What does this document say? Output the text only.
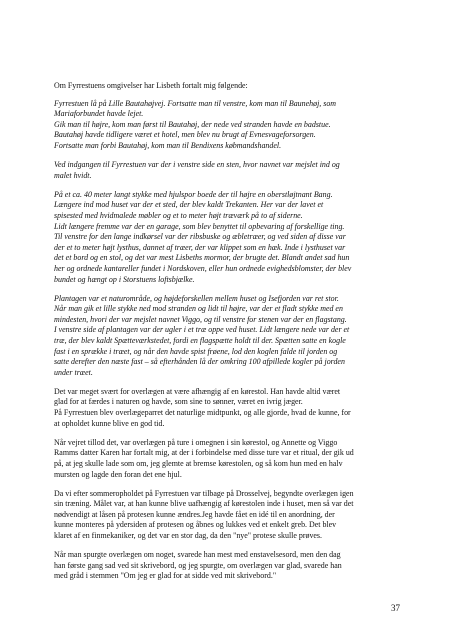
Om Fyrrestuens omgivelser har Lisbeth fortalt mig følgende:

Fyrrestuen lå på Lille Bautahøjvej. Fortsatte man til venstre, kom man til Baunehøj, som
Mariaforbundet havde lejet.
Gik man til højre, kom man først til Bautahøj, der nede ved stranden havde en badstue.
Bautahøj havde tidligere været et hotel, men blev nu brugt af Evnesvageforsorgen.
Fortsatte man forbi Bautahøj, kom man til Bendixens købmandshandel.

Ved indgangen til Fyrrestuen var der i venstre side en sten, hvor navnet var mejslet ind og
malet hvidt.

På et ca. 40 meter langt stykke med hjulspor boede der til højre en oberstløjtnant Bang.
Længere ind mod huset var der et sted, der blev kaldt Trekanten. Her var der lavet et
spisested med hvidmalede møbler og et to meter højt træværk på to af siderne.
Lidt længere fremme var der en garage, som blev benyttet til opbevaring af forskellige ting.
Til venstre for den lange indkørsel var der ribsbuske og æbletræer, og ved siden af disse var
der et to meter højt lysthus, dannet af træer, der var klippet som en hæk. Inde i lysthuset var
det et bord og en stol, og det var mest Lisbeths mormor, der brugte det. Blandt andet sad hun
her og ordnede kantareller fundet i Nordskoven, eller hun ordnede evighedsblomster, der blev
bundet og hængt op i Storstuens loftsbjælke.

Plantagen var et naturområde, og højdeforskellen mellem huset og Isefjorden var ret stor.
Når man gik et lille stykke ned mod stranden og lidt til højre, var der et fladt stykke med en
mindesten, hvori der var mejslet navnet Viggo, og til venstre for stenen var der en flagstang.
I venstre side af plantagen var der ugler i et træ oppe ved huset. Lidt længere nede var der et
træ, der blev kaldt Spætteværkstedet, fordi en flagspætte holdt til der. Spætten satte en kogle
fast i en sprække i træet, og når den havde spist frøene, lod den koglen falde til jorden og
satte derefter den næste fast – så efterhånden lå der omkring 100 afpillede kogler på jorden
under træet.

Det var meget svært for overlægen at være afhængig af en kørestol. Han havde altid været
glad for at færdes i naturen og havde, som sine to sønner, været en ivrig jæger.
På Fyrrestuen blev overlægeparret det naturlige midtpunkt, og alle gjorde, hvad de kunne, for
at opholdet kunne blive en god tid.

Når vejret tillod det, var overlægen på ture i omegnen i sin kørestol, og Annette og Viggo
Ramms datter Karen har fortalt mig, at der i forbindelse med disse ture var et ritual, der gik ud
på, at jeg skulle lade som om, jeg glemte at bremse kørestolen, og så kom hun med en halv
mursten og lagde den foran det ene hjul.

Da vi efter sommeropholdet på Fyrrestuen var tilbage på Drosselvej, begyndte overlægen igen
sin træning. Målet var, at han kunne blive uafhængig af kørestolen inde i huset, men så var det
nødvendigt at låsen på protesen kunne ændres.Jeg havde fået en idé til en anordning, der
kunne monteres på ydersiden af protesen og åbnes og lukkes ved et enkelt greb. Det blev
klaret af en finmekaniker, og det var en stor dag, da den "nye" protese skulle prøves.

Når man spurgte overlægen om noget, svarede han mest med enstavelsesord, men den dag
han første gang sad ved sit skrivebord, og jeg spurgte, om overlægen var glad, svarede han
med gråd i stemmen "Om jeg er glad for at sidde ved mit skrivebord."

37
